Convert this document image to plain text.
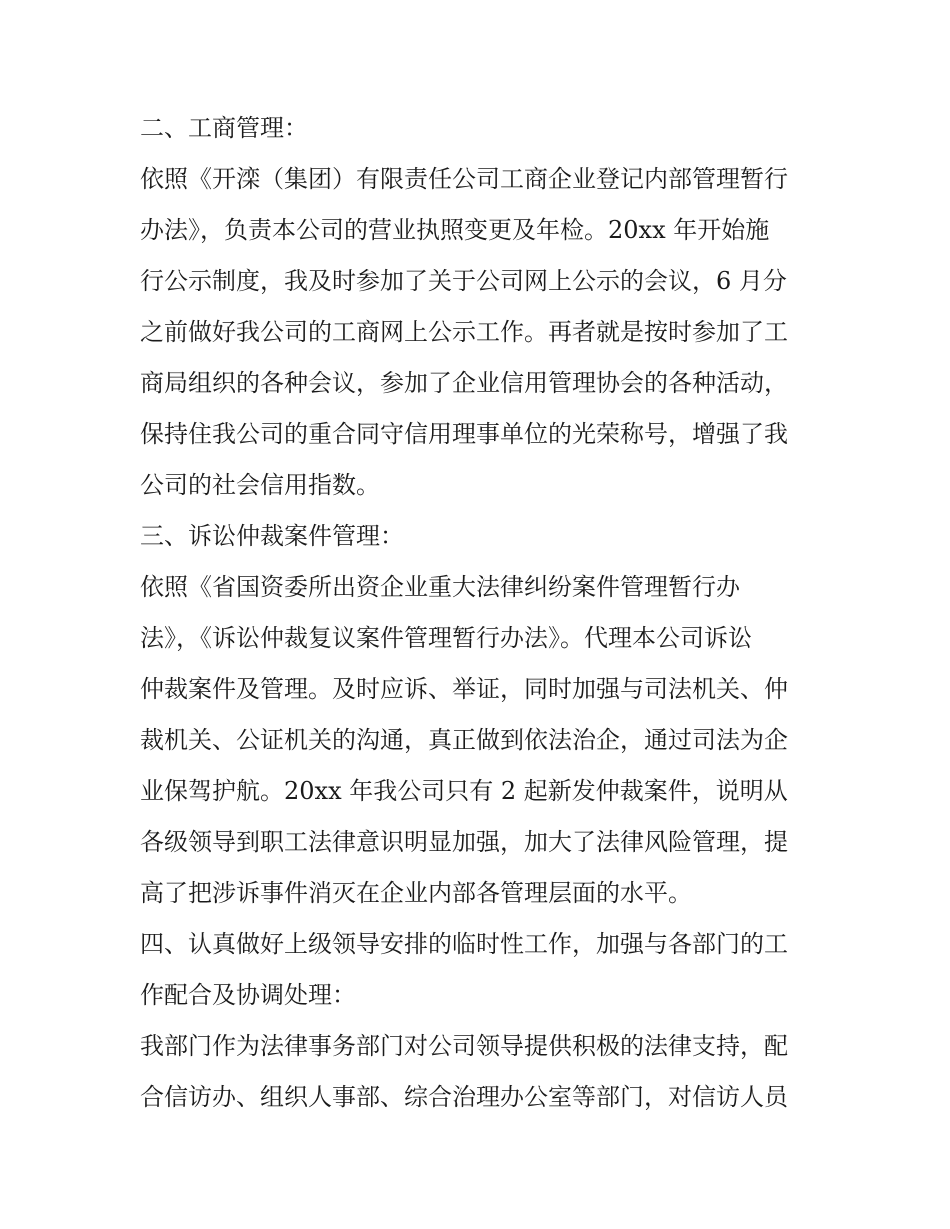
二、工商管理：
依照《开滦（集团）有限责任公司工商企业登记内部管理暂行
办法》，负责本公司的营业执照变更及年检。20xx 年开始施
行公示制度，我及时参加了关于公司网上公示的会议，6 月分
之前做好我公司的工商网上公示工作。再者就是按时参加了工
商局组织的各种会议，参加了企业信用管理协会的各种活动，
保持住我公司的重合同守信用理事单位的光荣称号，增强了我
公司的社会信用指数。
三、诉讼仲裁案件管理：
依照《省国资委所出资企业重大法律纠纷案件管理暂行办
法》，《诉讼仲裁复议案件管理暂行办法》。代理本公司诉讼
仲裁案件及管理。及时应诉、举证，同时加强与司法机关、仲
裁机关、公证机关的沟通，真正做到依法治企，通过司法为企
业保驾护航。20xx 年我公司只有 2 起新发仲裁案件，说明从
各级领导到职工法律意识明显加强，加大了法律风险管理，提
高了把涉诉事件消灭在企业内部各管理层面的水平。
四、认真做好上级领导安排的临时性工作，加强与各部门的工
作配合及协调处理：
我部门作为法律事务部门对公司领导提供积极的法律支持，配
合信访办、组织人事部、综合治理办公室等部门，对信访人员
